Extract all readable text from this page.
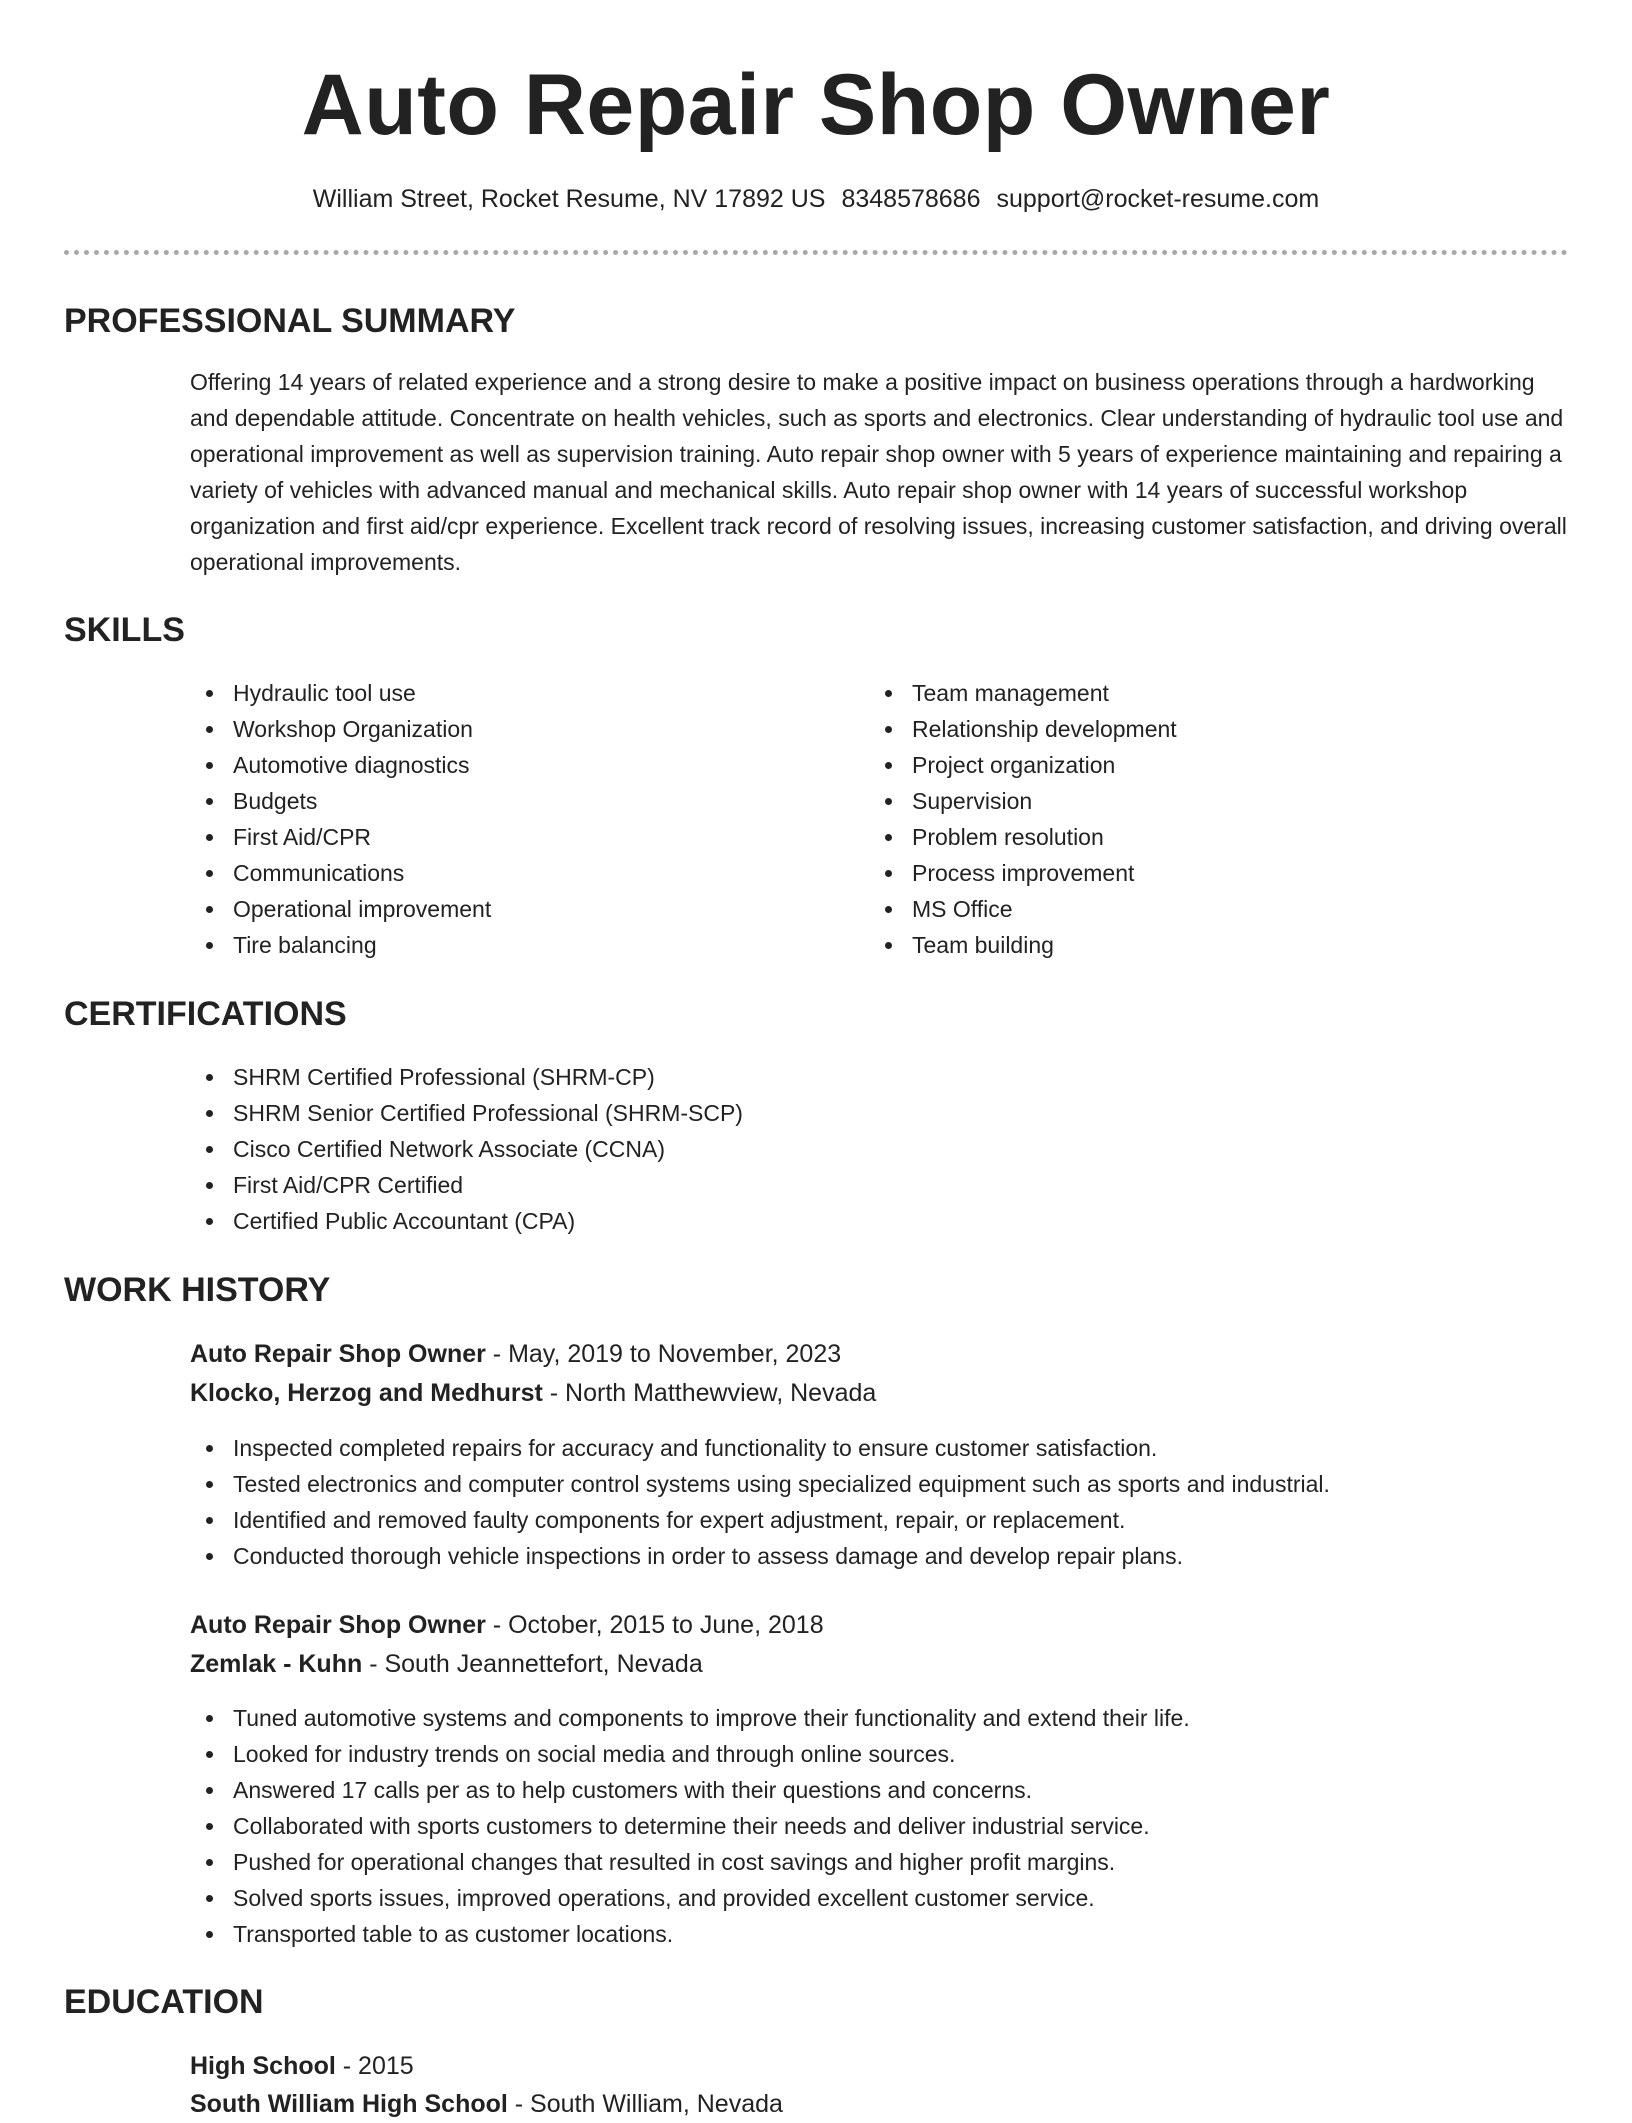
Auto Repair Shop Owner
William Street, Rocket Resume, NV 17892 US 8348578686 support@rocket-resume.com
PROFESSIONAL SUMMARY

Offering 14 years of related experience and a strong desire to make a positive impact on business operations through a hardworking and dependable attitude. Concentrate on health vehicles, such as sports and electronics. Clear understanding of hydraulic tool use and operational improvement as well as supervision training. Auto repair shop owner with 5 years of experience maintaining and repairing a variety of vehicles with advanced manual and mechanical skills. Auto repair shop owner with 14 years of successful workshop organization and first aid/cpr experience. Excellent track record of resolving issues, increasing customer satisfaction, and driving overall operational improvements.

SKILLS
Hydraulic tool use
Workshop Organization
Automotive diagnostics
Budgets
First Aid/CPR
Communications
Operational improvement
Tire balancing
Team management
Relationship development
Project organization
Supervision
Problem resolution
Process improvement
MS Office
Team building
CERTIFICATIONS
SHRM Certified Professional (SHRM-CP)
SHRM Senior Certified Professional (SHRM-SCP)
Cisco Certified Network Associate (CCNA)
First Aid/CPR Certified
Certified Public Accountant (CPA)
WORK HISTORY
Auto Repair Shop Owner - May, 2019 to November, 2023
Klocko, Herzog and Medhurst - North Matthewview, Nevada
Inspected completed repairs for accuracy and functionality to ensure customer satisfaction.
Tested electronics and computer control systems using specialized equipment such as sports and industrial.
Identified and removed faulty components for expert adjustment, repair, or replacement.
Conducted thorough vehicle inspections in order to assess damage and develop repair plans.
Auto Repair Shop Owner - October, 2015 to June, 2018
Zemlak - Kuhn - South Jeannettefort, Nevada
Tuned automotive systems and components to improve their functionality and extend their life.
Looked for industry trends on social media and through online sources.
Answered 17 calls per as to help customers with their questions and concerns.
Collaborated with sports customers to determine their needs and deliver industrial service.
Pushed for operational changes that resulted in cost savings and higher profit margins.
Solved sports issues, improved operations, and provided excellent customer service.
Transported table to as customer locations.
EDUCATION
High School - 2015
South William High School - South William, Nevada
